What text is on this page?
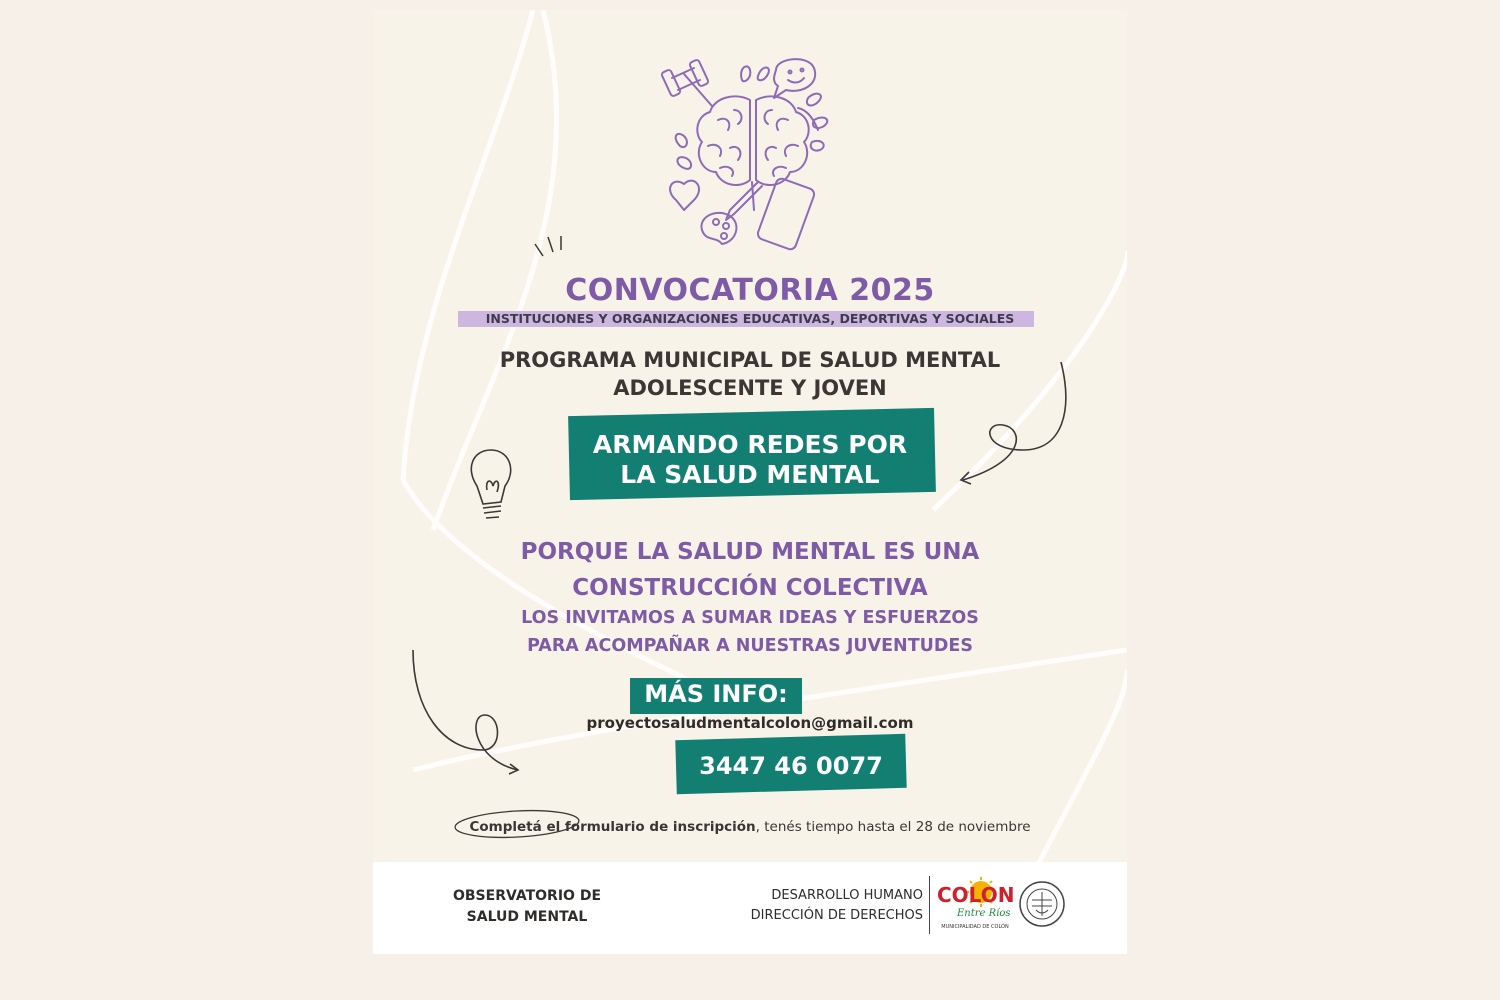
CONVOCATORIA 2025
INSTITUCIONES Y ORGANIZACIONES EDUCATIVAS, DEPORTIVAS Y SOCIALES
PROGRAMA MUNICIPAL DE SALUD MENTAL
ADOLESCENTE Y JOVEN
ARMANDO REDES POR
LA SALUD MENTAL
PORQUE LA SALUD MENTAL ES UNA
CONSTRUCCIÓN COLECTIVA
LOS INVITAMOS A SUMAR IDEAS Y ESFUERZOS
PARA ACOMPAÑAR A NUESTRAS JUVENTUDES
MÁS INFO:
proyectosaludmentalcolon@gmail.com
3447 46 0077
Completá el formulario de inscripción, tenés tiempo hasta el 28 de noviembre
OBSERVATORIO DE
SALUD MENTAL
DESARROLLO HUMANO
DIRECCIÓN DE DERECHOS
COLON
Entre Ríos
MUNICIPALIDAD DE COLÓN
